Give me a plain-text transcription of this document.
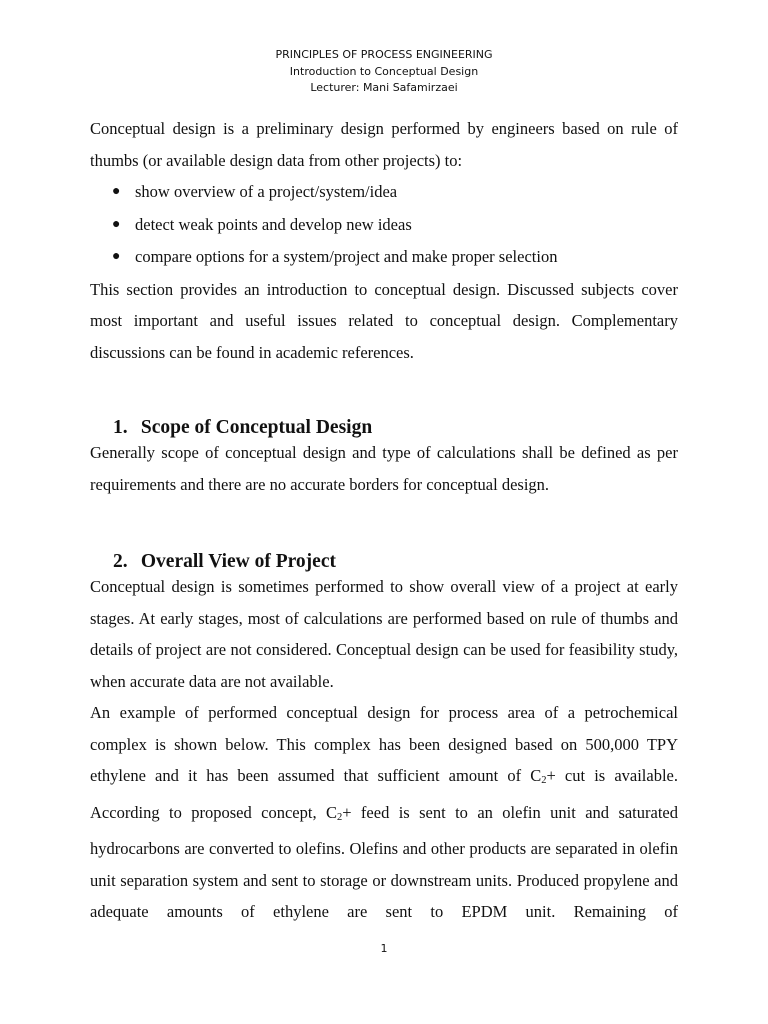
PRINCIPLES OF PROCESS ENGINEERING
Introduction to Conceptual Design
Lecturer: Mani Safamirzaei

Conceptual design is a preliminary design performed by engineers based on rule of thumbs (or available design data from other projects) to:

● show overview of a project/system/idea
● detect weak points and develop new ideas
● compare options for a system/project and make proper selection

This section provides an introduction to conceptual design. Discussed subjects cover most important and useful issues related to conceptual design. Complementary discussions can be found in academic references.

1. Scope of Conceptual Design

Generally scope of conceptual design and type of calculations shall be defined as per requirements and there are no accurate borders for conceptual design.

2. Overall View of Project

Conceptual design is sometimes performed to show overall view of a project at early stages. At early stages, most of calculations are performed based on rule of thumbs and details of project are not considered. Conceptual design can be used for feasibility study, when accurate data are not available.

An example of performed conceptual design for process area of a petrochemical complex is shown below. This complex has been designed based on 500,000 TPY ethylene and it has been assumed that sufficient amount of $C_2+$ cut is available. According to proposed concept, $C_2+$ feed is sent to an olefin unit and saturated hydrocarbons are converted to olefins. Olefins and other products are separated in olefin unit separation system and sent to storage or downstream units. Produced propylene and adequate amounts of ethylene are sent to EPDM unit. Remaining of

1
